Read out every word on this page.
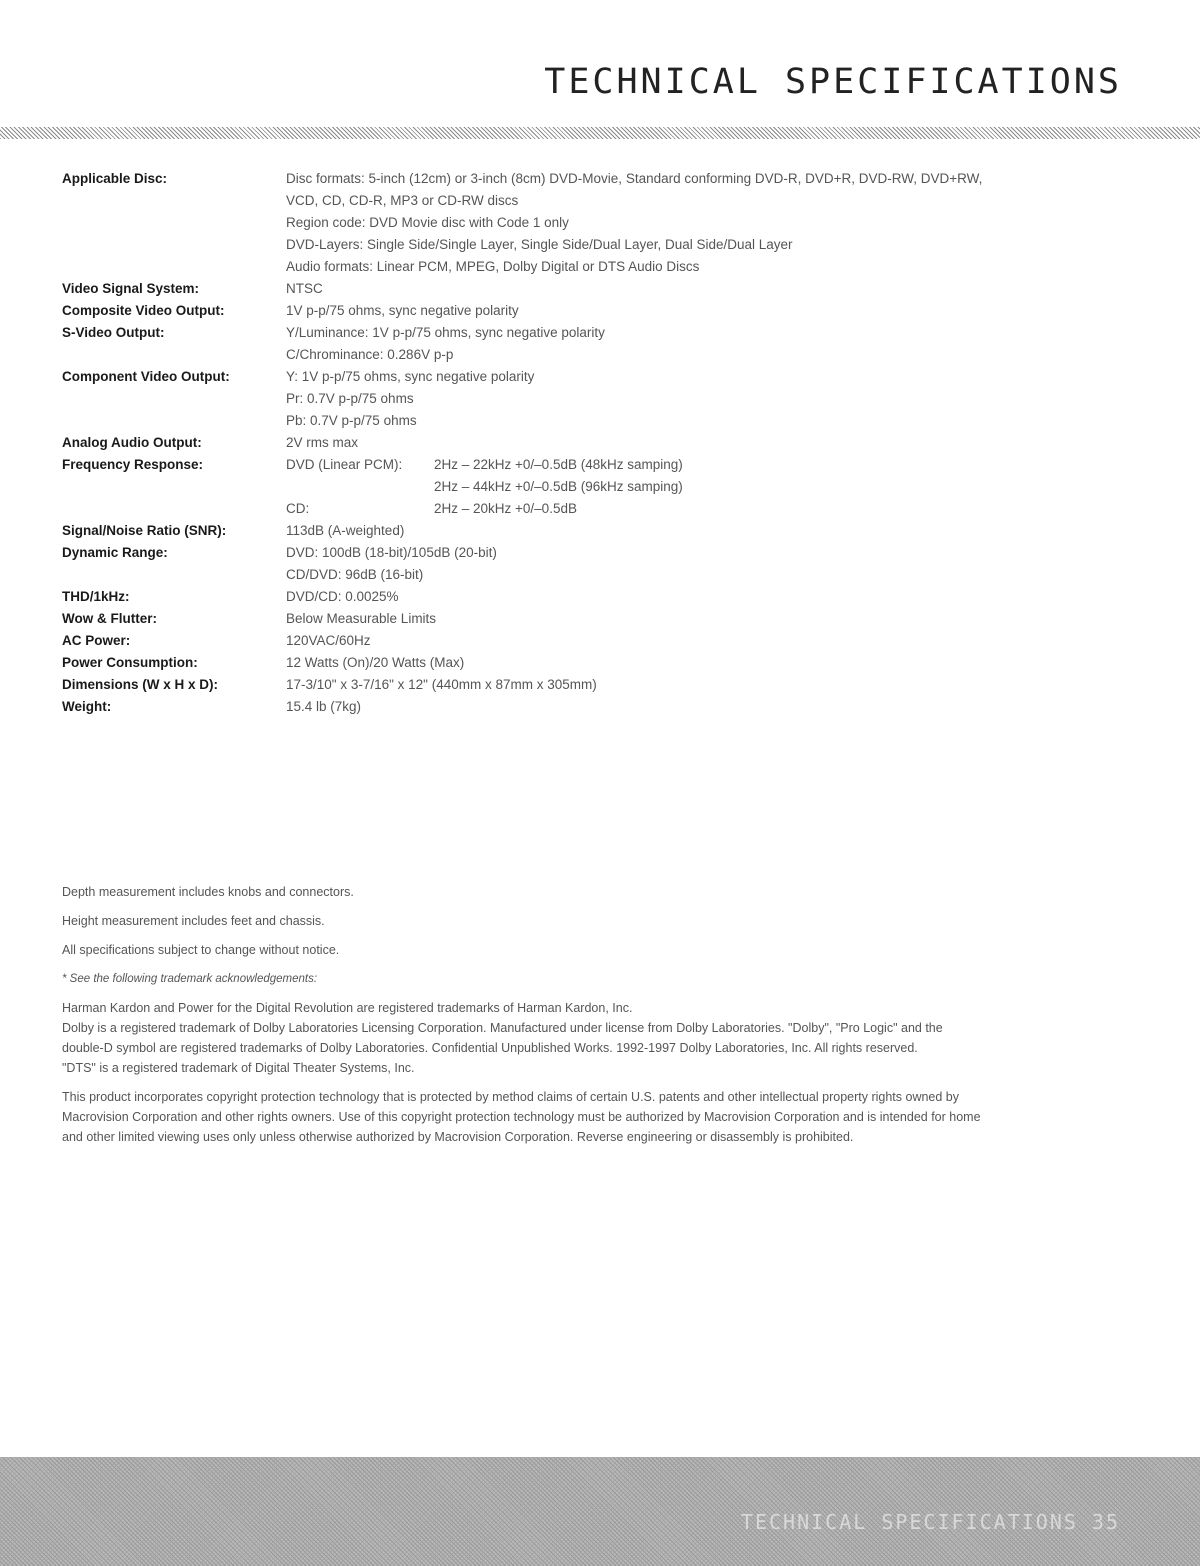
TECHNICAL SPECIFICATIONS
Applicable Disc:	Disc formats: 5-inch (12cm) or 3-inch (8cm) DVD-Movie, Standard conforming DVD-R, DVD+R, DVD-RW, DVD+RW,
VCD, CD, CD-R, MP3 or CD-RW discs
Region code: DVD Movie disc with Code 1 only
DVD-Layers: Single Side/Single Layer, Single Side/Dual Layer, Dual Side/Dual Layer
Audio formats: Linear PCM, MPEG, Dolby Digital or DTS Audio Discs

Video Signal System:	NTSC

Composite Video Output:	1V p-p/75 ohms, sync negative polarity

S-Video Output:	Y/Luminance: 1V p-p/75 ohms, sync negative polarity
C/Chrominance: 0.286V p-p

Component Video Output:	Y: 1V p-p/75 ohms, sync negative polarity
Pr: 0.7V p-p/75 ohms
Pb: 0.7V p-p/75 ohms

Analog Audio Output:	2V rms max

Frequency Response:	DVD (Linear PCM): 2Hz – 22kHz +0/–0.5dB (48kHz samping)
2Hz – 44kHz +0/–0.5dB (96kHz samping)
CD: 2Hz – 20kHz +0/–0.5dB

Signal/Noise Ratio (SNR):	113dB (A-weighted)

Dynamic Range:	DVD: 100dB (18-bit)/105dB (20-bit)
CD/DVD: 96dB (16-bit)

THD/1kHz:	DVD/CD: 0.0025%

Wow & Flutter:	Below Measurable Limits

AC Power:	120VAC/60Hz

Power Consumption:	12 Watts (On)/20 Watts (Max)

Dimensions (W x H x D):	17-3/10" x 3-7/16" x 12" (440mm x 87mm x 305mm)

Weight:	15.4 lb (7kg)

Depth measurement includes knobs and connectors.

Height measurement includes feet and chassis.

All specifications subject to change without notice.

* See the following trademark acknowledgements:

Harman Kardon and Power for the Digital Revolution are registered trademarks of Harman Kardon, Inc.

Dolby is a registered trademark of Dolby Laboratories Licensing Corporation. Manufactured under license from Dolby Laboratories. "Dolby", "Pro Logic" and the

double-D symbol are registered trademarks of Dolby Laboratories. Confidential Unpublished Works. 1992-1997 Dolby Laboratories, Inc. All rights reserved.

"DTS" is a registered trademark of Digital Theater Systems, Inc.

This product incorporates copyright protection technology that is protected by method claims of certain U.S. patents and other intellectual property rights owned by

Macrovision Corporation and other rights owners. Use of this copyright protection technology must be authorized by Macrovision Corporation and is intended for home

and other limited viewing uses only unless otherwise authorized by Macrovision Corporation. Reverse engineering or disassembly is prohibited.

TECHNICAL SPECIFICATIONS 35
